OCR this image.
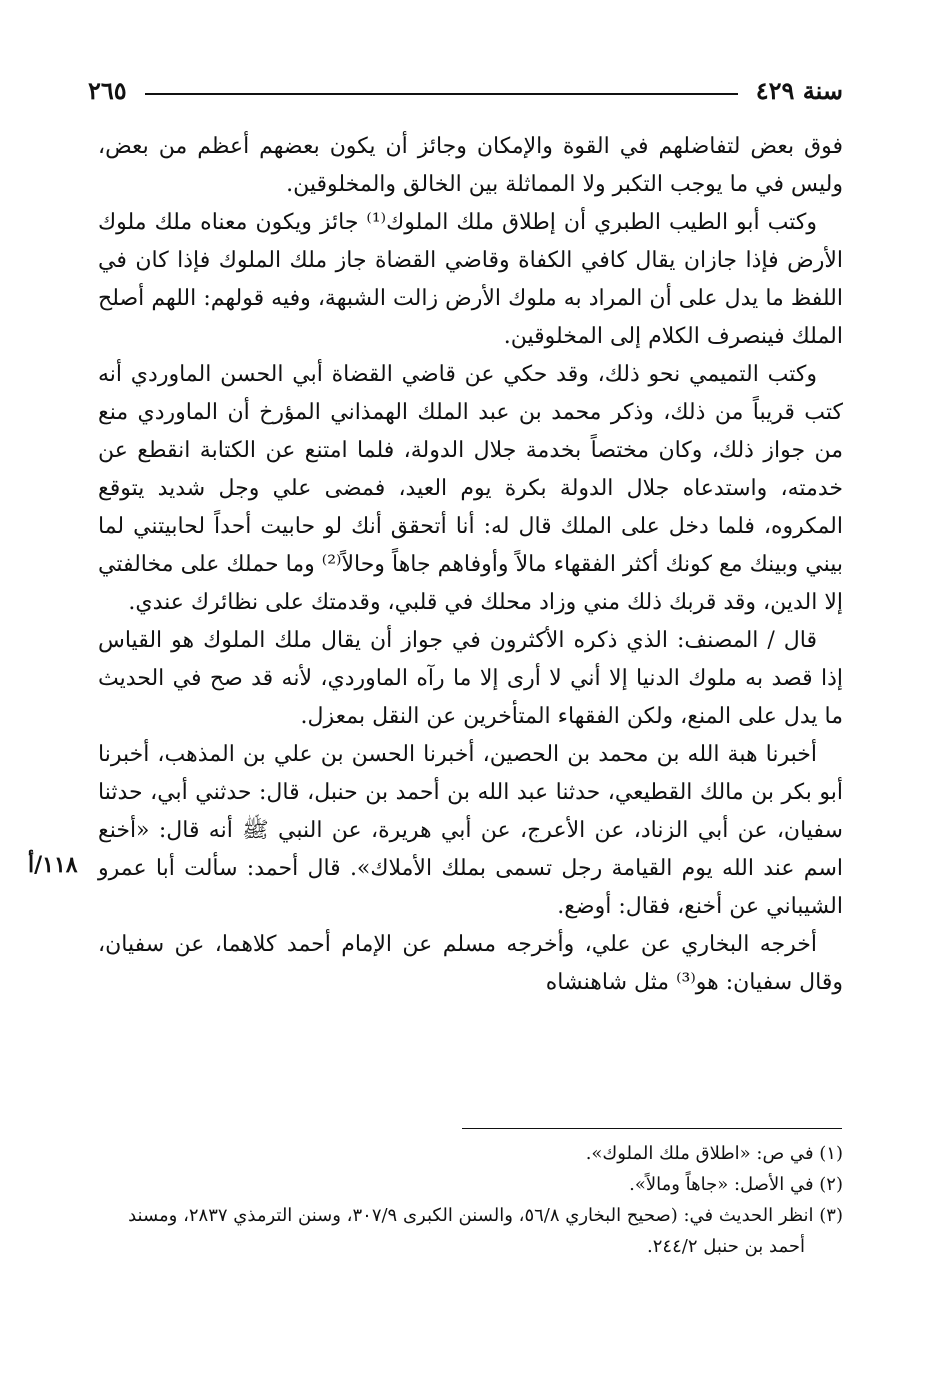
سنة ٤٢٩
٢٦٥
١١٨/أ

فوق بعض لتفاضلهم في القوة والإمكان وجائز أن يكون بعضهم أعظم من بعض، وليس في ما يوجب التكبر ولا المماثلة بين الخالق والمخلوقين.

وكتب أبو الطيب الطبري أن إطلاق ملك الملوك⁽¹⁾ جائز ويكون معناه ملك ملوك الأرض فإذا جازان يقال كافي الكفاة وقاضي القضاة جاز ملك الملوك فإذا كان في اللفظ ما يدل على أن المراد به ملوك الأرض زالت الشبهة، وفيه قولهم: اللهم أصلح الملك فينصرف الكلام إلى المخلوقين.

وكتب التميمي نحو ذلك، وقد حكي عن قاضي القضاة أبي الحسن الماوردي أنه كتب قريباً من ذلك، وذكر محمد بن عبد الملك الهمذاني المؤرخ أن الماوردي منع من جواز ذلك، وكان مختصاً بخدمة جلال الدولة، فلما امتنع عن الكتابة انقطع عن خدمته، واستدعاه جلال الدولة بكرة يوم العيد، فمضى علي وجل شديد يتوقع المكروه، فلما دخل على الملك قال له: أنا أتحقق أنك لو حابيت أحداً لحابيتني لما بيني وبينك مع كونك أكثر الفقهاء مالاً وأوفاهم جاهاً وحالاً⁽²⁾ وما حملك على مخالفتي إلا الدين، وقد قربك ذلك مني وزاد محلك في قلبي، وقدمتك على نظائرك عندي.

قال / المصنف: الذي ذكره الأكثرون في جواز أن يقال ملك الملوك هو القياس إذا قصد به ملوك الدنيا إلا أني لا أرى إلا ما رآه الماوردي، لأنه قد صح في الحديث ما يدل على المنع، ولكن الفقهاء المتأخرين عن النقل بمعزل.

أخبرنا هبة الله بن محمد بن الحصين، أخبرنا الحسن بن علي بن المذهب، أخبرنا أبو بكر بن مالك القطيعي، حدثنا عبد الله بن أحمد بن حنبل، قال: حدثني أبي، حدثنا سفيان، عن أبي الزناد، عن الأعرج، عن أبي هريرة، عن النبي ﷺ أنه قال: «أخنع اسم عند الله يوم القيامة رجل تسمى بملك الأملاك». قال أحمد: سألت أبا عمرو الشيباني عن أخنع، فقال: أوضع.

أخرجه البخاري عن علي، وأخرجه مسلم عن الإمام أحمد كلاهما، عن سفيان، وقال سفيان: هو⁽³⁾ مثل شاهنشاه

(١) في ص: «اطلاق ملك الملوك».

(٢) في الأصل: «جاهاً ومالاً».

(٣) انظر الحديث في: (صحيح البخاري ٥٦/٨، والسنن الكبرى ٣٠٧/٩، وسنن الترمذي ٢٨٣٧، ومسند

أحمد بن حنبل ٢٤٤/٢.
